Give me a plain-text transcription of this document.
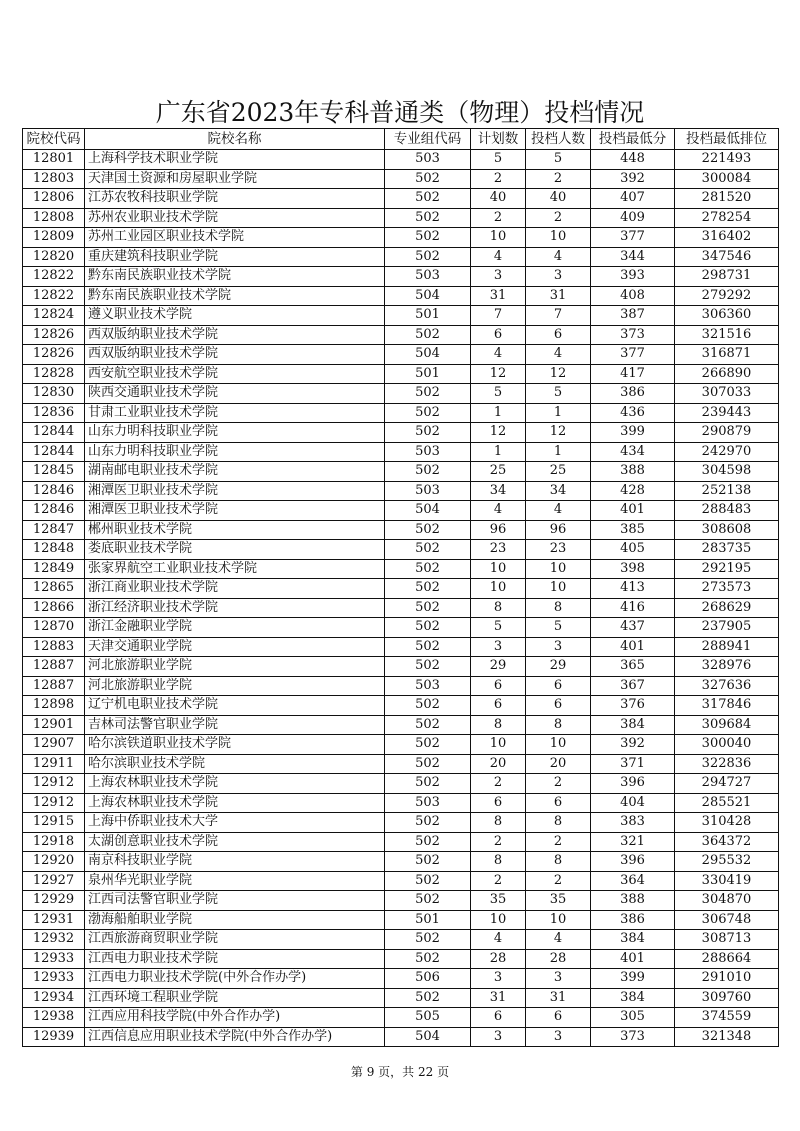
广东省2023年专科普通类（物理）投档情况
院校代码	院校名称	专业组代码	计划数	投档人数	投档最低分	投档最低排位
12801	上海科学技术职业学院	503	5	5	448	221493
12803	天津国土资源和房屋职业学院	502	2	2	392	300084
12806	江苏农牧科技职业学院	502	40	40	407	281520
12808	苏州农业职业技术学院	502	2	2	409	278254
12809	苏州工业园区职业技术学院	502	10	10	377	316402
12820	重庆建筑科技职业学院	502	4	4	344	347546
12822	黔东南民族职业技术学院	503	3	3	393	298731
12822	黔东南民族职业技术学院	504	31	31	408	279292
12824	遵义职业技术学院	501	7	7	387	306360
12826	西双版纳职业技术学院	502	6	6	373	321516
12826	西双版纳职业技术学院	504	4	4	377	316871
12828	西安航空职业技术学院	501	12	12	417	266890
12830	陕西交通职业技术学院	502	5	5	386	307033
12836	甘肃工业职业技术学院	502	1	1	436	239443
12844	山东力明科技职业学院	502	12	12	399	290879
12844	山东力明科技职业学院	503	1	1	434	242970
12845	湖南邮电职业技术学院	502	25	25	388	304598
12846	湘潭医卫职业技术学院	503	34	34	428	252138
12846	湘潭医卫职业技术学院	504	4	4	401	288483
12847	郴州职业技术学院	502	96	96	385	308608
12848	娄底职业技术学院	502	23	23	405	283735
12849	张家界航空工业职业技术学院	502	10	10	398	292195
12865	浙江商业职业技术学院	502	10	10	413	273573
12866	浙江经济职业技术学院	502	8	8	416	268629
12870	浙江金融职业学院	502	5	5	437	237905
12883	天津交通职业学院	502	3	3	401	288941
12887	河北旅游职业学院	502	29	29	365	328976
12887	河北旅游职业学院	503	6	6	367	327636
12898	辽宁机电职业技术学院	502	6	6	376	317846
12901	吉林司法警官职业学院	502	8	8	384	309684
12907	哈尔滨铁道职业技术学院	502	10	10	392	300040
12911	哈尔滨职业技术学院	502	20	20	371	322836
12912	上海农林职业技术学院	502	2	2	396	294727
12912	上海农林职业技术学院	503	6	6	404	285521
12915	上海中侨职业技术大学	502	8	8	383	310428
12918	太湖创意职业技术学院	502	2	2	321	364372
12920	南京科技职业学院	502	8	8	396	295532
12927	泉州华光职业学院	502	2	2	364	330419
12929	江西司法警官职业学院	502	35	35	388	304870
12931	渤海船舶职业学院	501	10	10	386	306748
12932	江西旅游商贸职业学院	502	4	4	384	308713
12933	江西电力职业技术学院	502	28	28	401	288664
12933	江西电力职业技术学院(中外合作办学)	506	3	3	399	291010
12934	江西环境工程职业学院	502	31	31	384	309760
12938	江西应用科技学院(中外合作办学)	505	6	6	305	374559
12939	江西信息应用职业技术学院(中外合作办学)	504	3	3	373	321348
第 9 页，共 22 页
